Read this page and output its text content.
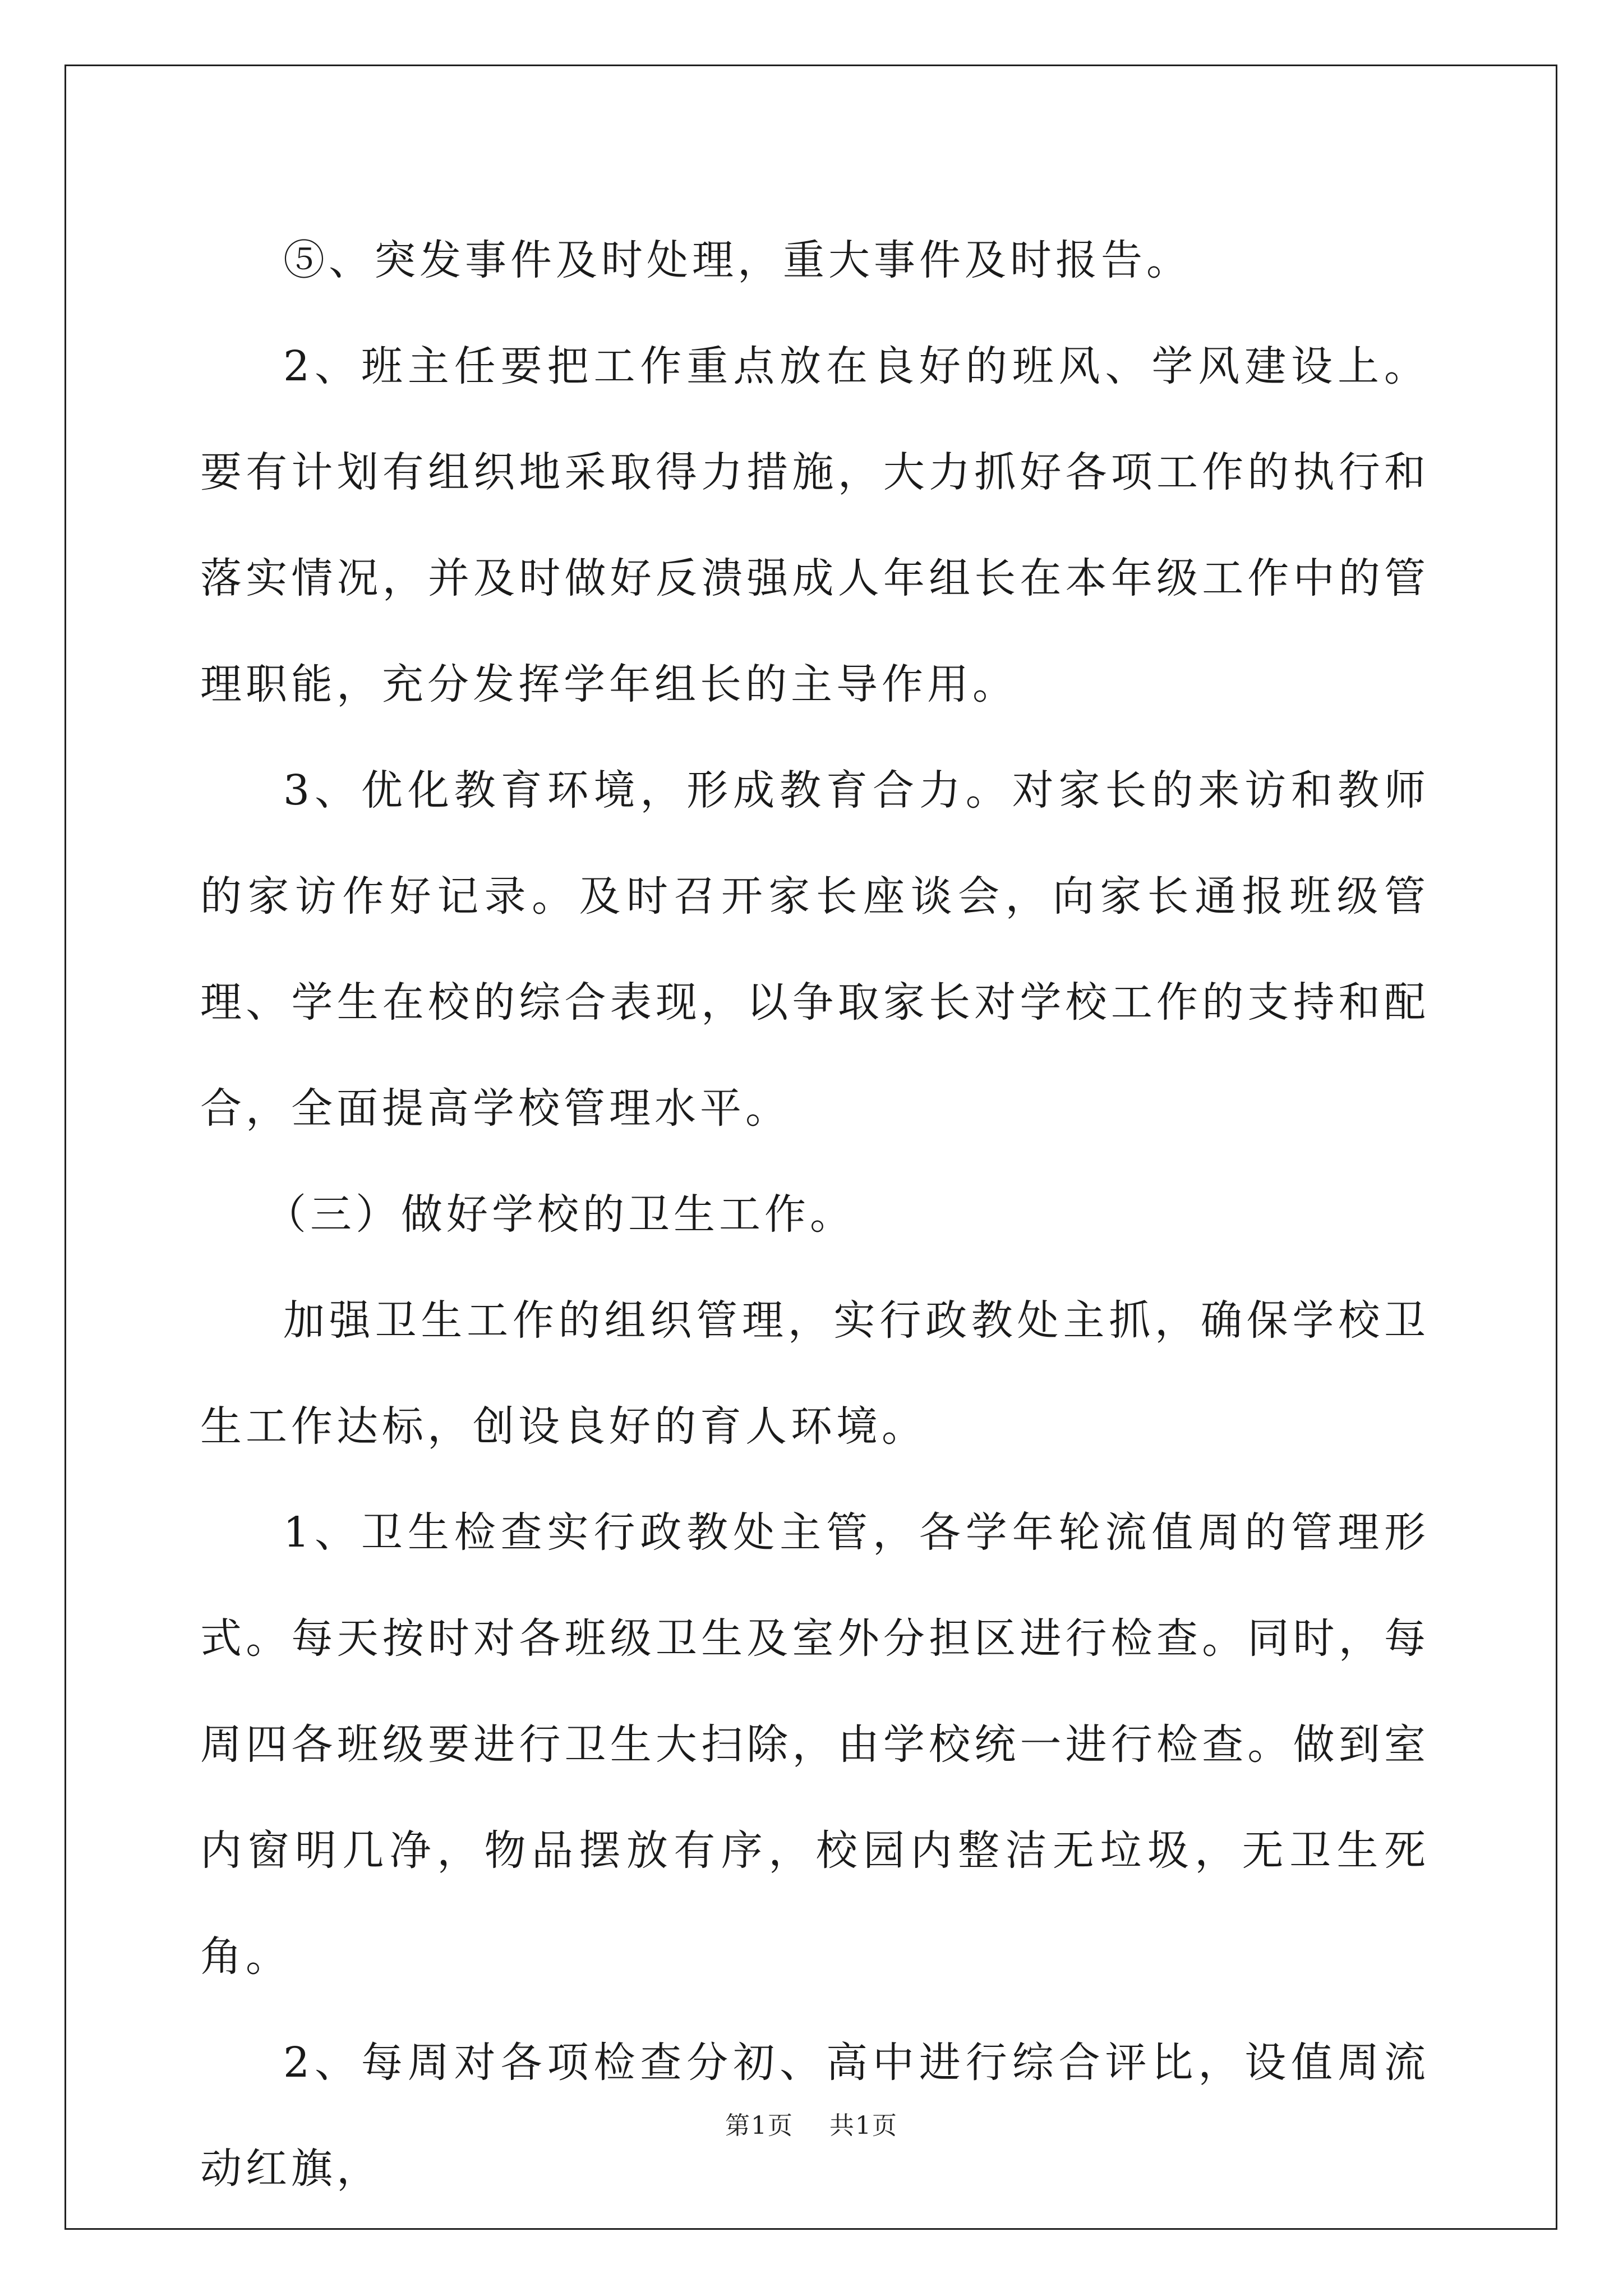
⑤、突发事件及时处理，重大事件及时报告。

2、班主任要把工作重点放在良好的班风、学风建设上。要有计划有组织地采取得力措施，大力抓好各项工作的执行和落实情况，并及时做好反溃强成人年组长在本年级工作中的管理职能，充分发挥学年组长的主导作用。

3、优化教育环境，形成教育合力。对家长的来访和教师的家访作好记录。及时召开家长座谈会，向家长通报班级管理、学生在校的综合表现，以争取家长对学校工作的支持和配合，全面提高学校管理水平。

（三）做好学校的卫生工作。

加强卫生工作的组织管理，实行政教处主抓，确保学校卫生工作达标，创设良好的育人环境。

1、卫生检查实行政教处主管，各学年轮流值周的管理形式。每天按时对各班级卫生及室外分担区进行检查。同时，每周四各班级要进行卫生大扫除，由学校统一进行检查。做到室内窗明几净，物品摆放有序，校园内整洁无垃圾，无卫生死角。

2、每周对各项检查分初、高中进行综合评比，设值周流动红旗，

第1页 共1页
